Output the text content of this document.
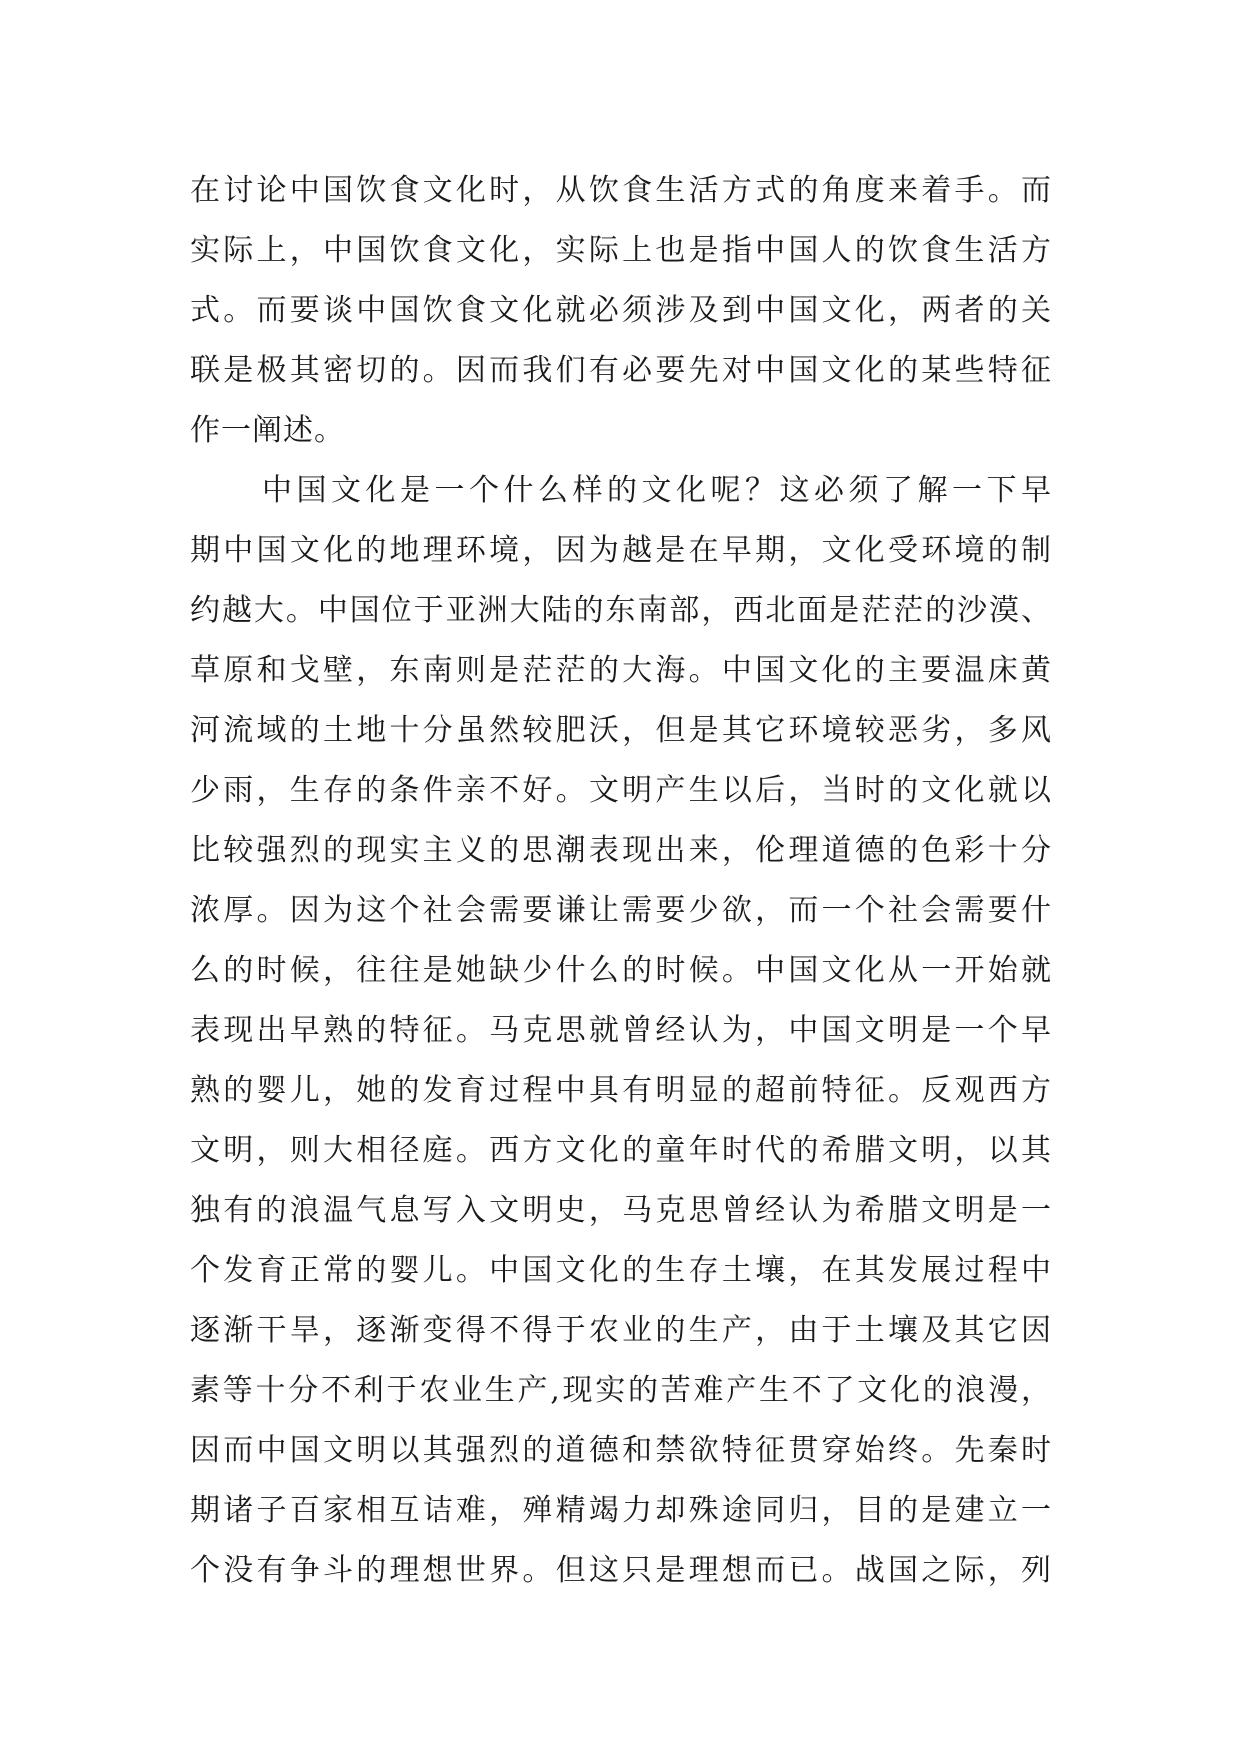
在讨论中国饮食文化时，从饮食生活方式的角度来着手。而
实际上，中国饮食文化，实际上也是指中国人的饮食生活方
式。而要谈中国饮食文化就必须涉及到中国文化，两者的关
联是极其密切的。因而我们有必要先对中国文化的某些特征
作一阐述。
中国文化是一个什么样的文化呢？这必须了解一下早
期中国文化的地理环境，因为越是在早期，文化受环境的制
约越大。中国位于亚洲大陆的东南部，西北面是茫茫的沙漠、
草原和戈壁，东南则是茫茫的大海。中国文化的主要温床黄
河流域的土地十分虽然较肥沃，但是其它环境较恶劣，多风
少雨，生存的条件亲不好。文明产生以后，当时的文化就以
比较强烈的现实主义的思潮表现出来，伦理道德的色彩十分
浓厚。因为这个社会需要谦让需要少欲，而一个社会需要什
么的时候，往往是她缺少什么的时候。中国文化从一开始就
表现出早熟的特征。马克思就曾经认为，中国文明是一个早
熟的婴儿，她的发育过程中具有明显的超前特征。反观西方
文明，则大相径庭。西方文化的童年时代的希腊文明，以其
独有的浪温气息写入文明史，马克思曾经认为希腊文明是一
个发育正常的婴儿。中国文化的生存土壤，在其发展过程中
逐渐干旱，逐渐变得不得于农业的生产，由于土壤及其它因
素等十分不利于农业生产,现实的苦难产生不了文化的浪漫，
因而中国文明以其强烈的道德和禁欲特征贯穿始终。先秦时
期诸子百家相互诘难，殚精竭力却殊途同归，目的是建立一
个没有争斗的理想世界。但这只是理想而已。战国之际，列
